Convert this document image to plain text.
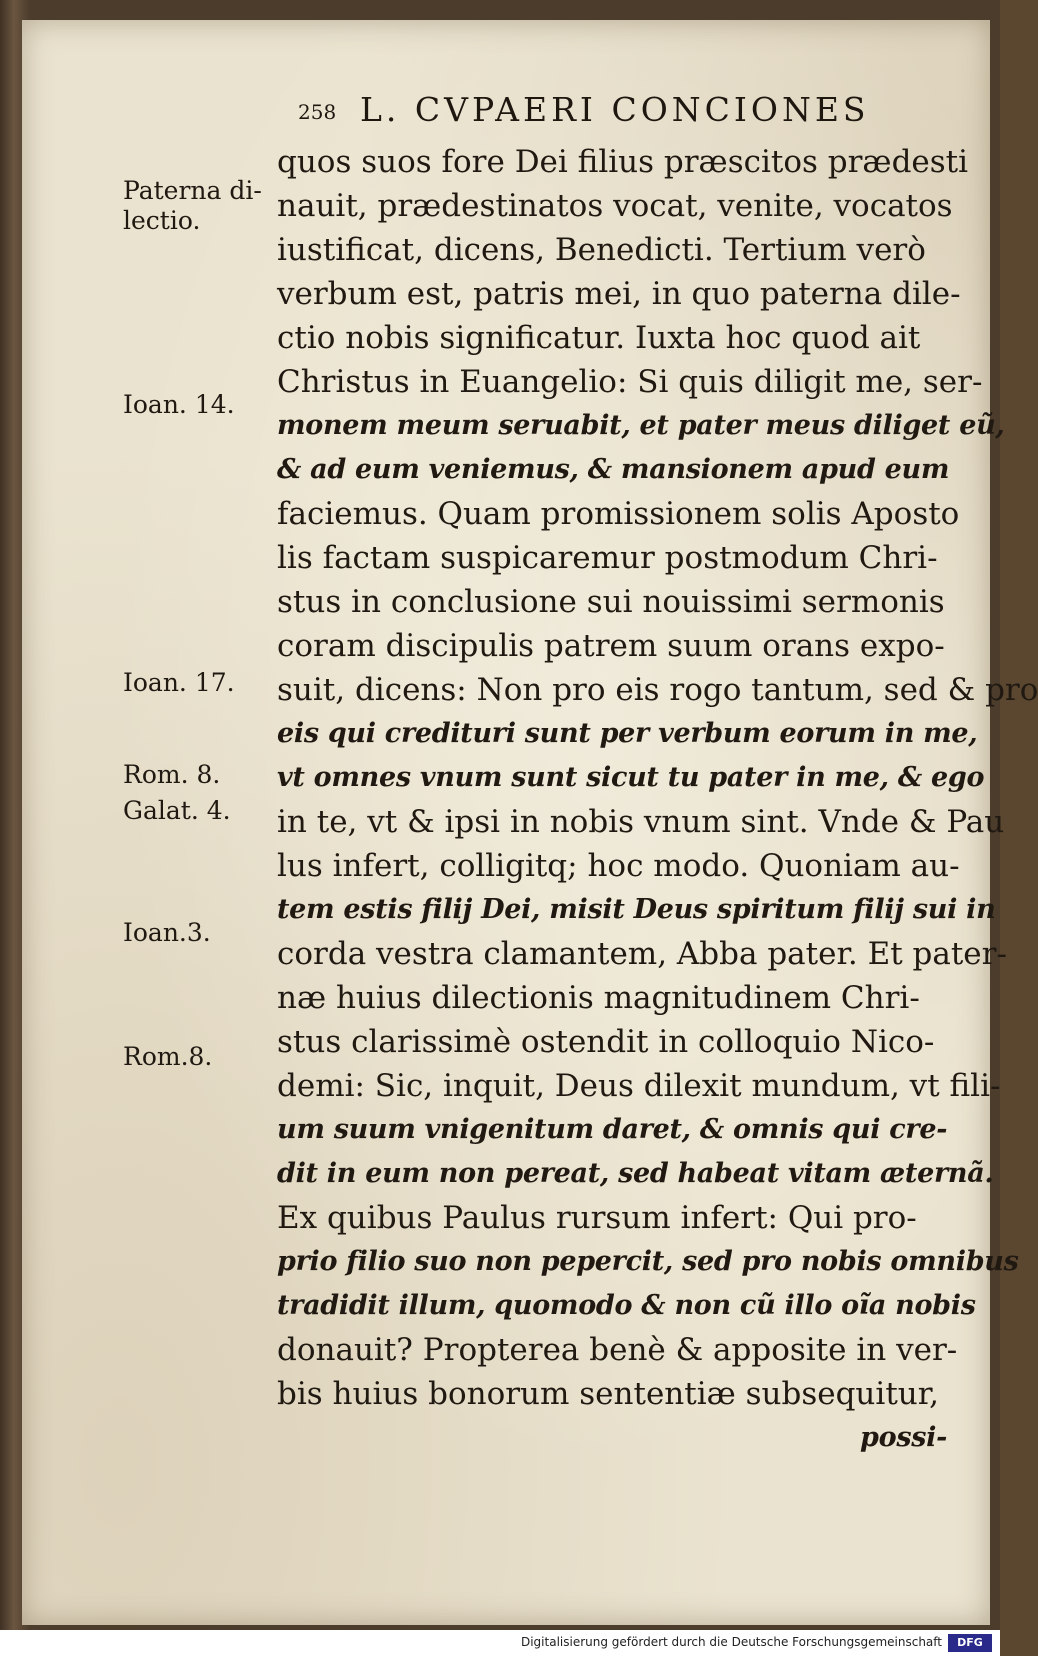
258 L. CVPAERI CONCIONES
Paterna di-
lectio.
Ioan. 14.
Ioan. 17.
Rom. 8.
Galat. 4.
Ioan.3.
Rom.8.
quos suos fore Dei filius præscitos prædesti
nauit, prædestinatos vocat, venite, vocatos
iustificat, dicens, Benedicti. Tertium verò
verbum est, patris mei, in quo paterna dile-
ctio nobis significatur. Iuxta hoc quod ait
Christus in Euangelio: Si quis diligit me, ser-
monem meum seruabit, et pater meus diliget eũ,
& ad eum veniemus, & mansionem apud eum
faciemus. Quam promissionem solis Aposto
lis factam suspicaremur postmodum Chri-
stus in conclusione sui nouissimi sermonis
coram discipulis patrem suum orans expo-
suit, dicens: Non pro eis rogo tantum, sed & pro
eis qui credituri sunt per verbum eorum in me,
vt omnes vnum sunt sicut tu pater in me, & ego
in te, vt & ipsi in nobis vnum sint. Vnde & Pau
lus infert, colligitq; hoc modo. Quoniam au-
tem estis filij Dei, misit Deus spiritum filij sui in
corda vestra clamantem, Abba pater. Et pater-
næ huius dilectionis magnitudinem Chri-
stus clarissimè ostendit in colloquio Nico-
demi: Sic, inquit, Deus dilexit mundum, vt fili-
um suum vnigenitum daret, & omnis qui cre-
dit in eum non pereat, sed habeat vitam æternã.
Ex quibus Paulus rursum infert: Qui pro-
prio filio suo non pepercit, sed pro nobis omnibus
tradidit illum, quomodo & non cũ illo oĩa nobis
donauit? Propterea benè & apposite in ver-
bis huius bonorum sententiæ subsequitur,
possi-
Digitalisierung gefördert durch die Deutsche Forschungsgemeinschaft	DFG
